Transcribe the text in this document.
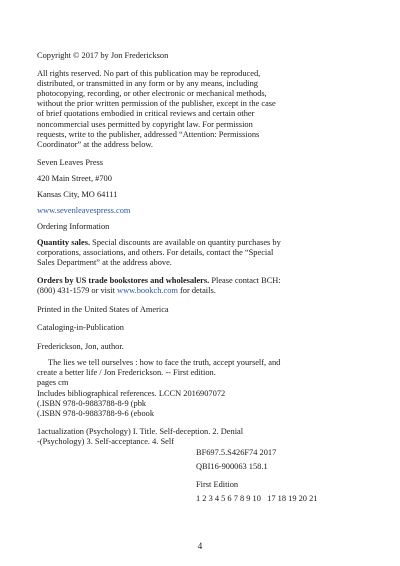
Copyright © 2017 by Jon Frederickson
All rights reserved. No part of this publication may be reproduced,
distributed, or transmitted in any form or by any means, including
photocopying, recording, or other electronic or mechanical methods,
without the prior written permission of the publisher, except in the case
of brief quotations embodied in critical reviews and certain other
noncommercial uses permitted by copyright law. For permission
requests, write to the publisher, addressed “Attention: Permissions
Coordinator” at the address below.
Seven Leaves Press
420 Main Street, #700
Kansas City, MO 64111
www.sevenleavespress.com
Ordering Information
Quantity sales. Special discounts are available on quantity purchases by
corporations, associations, and others. For details, contact the “Special
Sales Department” at the address above.
Orders by US trade bookstores and wholesalers. Please contact BCH:
(800) 431-1579 or visit www.bookch.com for details.
Printed in the United States of America
Cataloging-in-Publication
Frederickson, Jon, author.
The lies we tell ourselves : how to face the truth, accept yourself, and
create a better life / Jon Frederickson. -- First edition.
pages cm
Includes bibliographical references. LCCN 2016907072
(.ISBN 978-0-9883788-8-9 (pbk
(.ISBN 978-0-9883788-9-6 (ebook
1actualization (Psychology) I. Title. Self-deception. 2. Denial
-(Psychology) 3. Self-acceptance. 4. Self
BF697.5.S426F74 2017
QBI16-900063 158.1
First Edition
1 2 3 4 5 6 7 8 9 10   17 18 19 20 21
4
